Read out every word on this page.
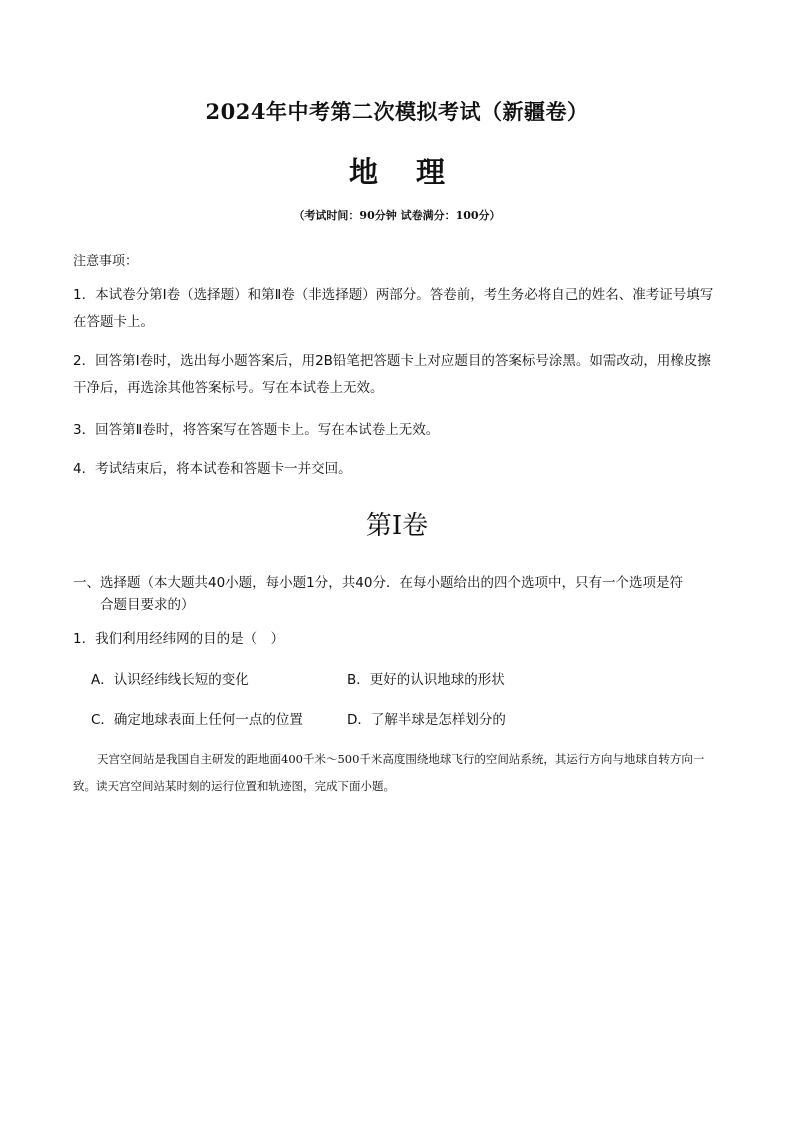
2024年中考第二次模拟考试（新疆卷）
地 理
（考试时间：90分钟 试卷满分：100分）
注意事项：
1．本试卷分第Ⅰ卷（选择题）和第Ⅱ卷（非选择题）两部分。答卷前，考生务必将自己的姓名、准考证号填写在答题卡上。
2．回答第Ⅰ卷时，选出每小题答案后，用2B铅笔把答题卡上对应题目的答案标号涂黑。如需改动，用橡皮擦干净后，再选涂其他答案标号。写在本试卷上无效。
3．回答第Ⅱ卷时，将答案写在答题卡上。写在本试卷上无效。
4．考试结束后，将本试卷和答题卡一并交回。
第Ⅰ卷
一、选择题（本大题共40小题，每小题1分，共40分．在每小题给出的四个选项中，只有一个选项是符
合题目要求的）
1．我们利用经纬网的目的是（　）
A．认识经纬线长短的变化	B．更好的认识地球的形状
C．确定地球表面上任何一点的位置	D．了解半球是怎样划分的
天宫空间站是我国自主研发的距地面400千米～500千米高度围绕地球飞行的空间站系统，其运行方向与地球自转方向一致。读天宫空间站某时刻的运行位置和轨迹图，完成下面小题。
